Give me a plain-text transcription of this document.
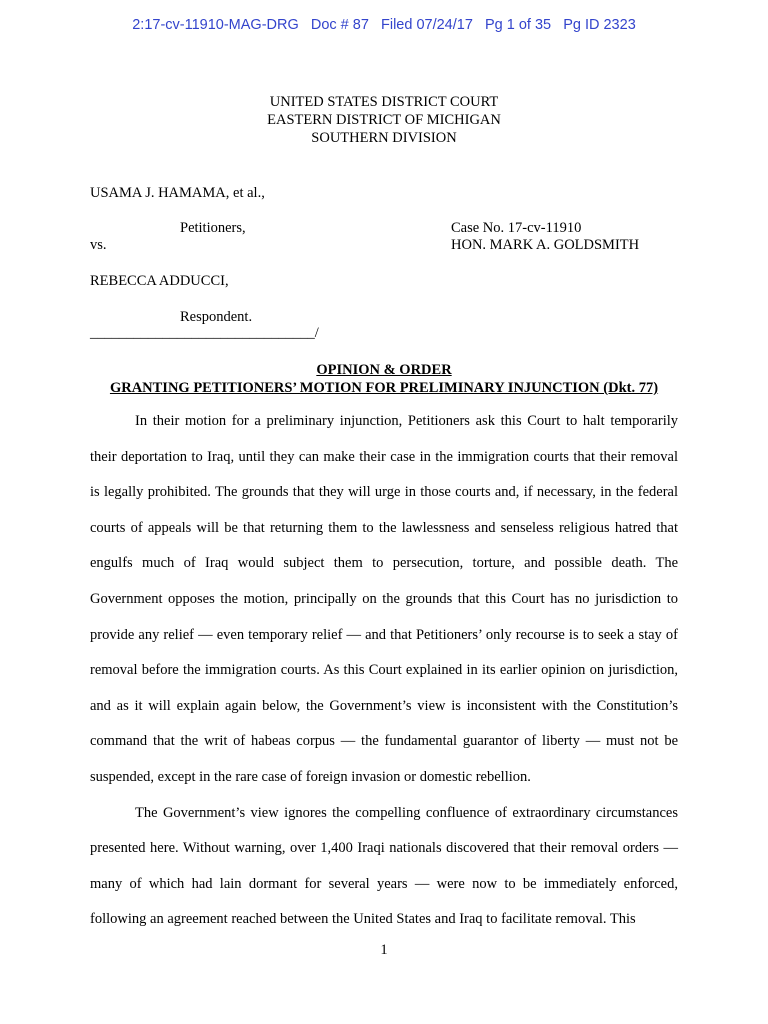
2:17-cv-11910-MAG-DRG Doc # 87 Filed 07/24/17 Pg 1 of 35 Pg ID 2323
UNITED STATES DISTRICT COURT
EASTERN DISTRICT OF MICHIGAN
SOUTHERN DIVISION
USAMA J. HAMAMA, et al.,
Petitioners,	Case No. 17-cv-11910
vs.	HON. MARK A. GOLDSMITH
REBECCA ADDUCCI,
Respondent.
_______________________________/
OPINION & ORDER
GRANTING PETITIONERS’ MOTION FOR PRELIMINARY INJUNCTION (Dkt. 77)

In their motion for a preliminary injunction, Petitioners ask this Court to halt temporarily their deportation to Iraq, until they can make their case in the immigration courts that their removal is legally prohibited. The grounds that they will urge in those courts and, if necessary, in the federal courts of appeals will be that returning them to the lawlessness and senseless religious hatred that engulfs much of Iraq would subject them to persecution, torture, and possible death. The Government opposes the motion, principally on the grounds that this Court has no jurisdiction to provide any relief — even temporary relief — and that Petitioners’ only recourse is to seek a stay of removal before the immigration courts. As this Court explained in its earlier opinion on jurisdiction, and as it will explain again below, the Government’s view is inconsistent with the Constitution’s command that the writ of habeas corpus — the fundamental guarantor of liberty — must not be suspended, except in the rare case of foreign invasion or domestic rebellion.

The Government’s view ignores the compelling confluence of extraordinary circumstances presented here. Without warning, over 1,400 Iraqi nationals discovered that their removal orders — many of which had lain dormant for several years — were now to be immediately enforced, following an agreement reached between the United States and Iraq to facilitate removal. This

1
